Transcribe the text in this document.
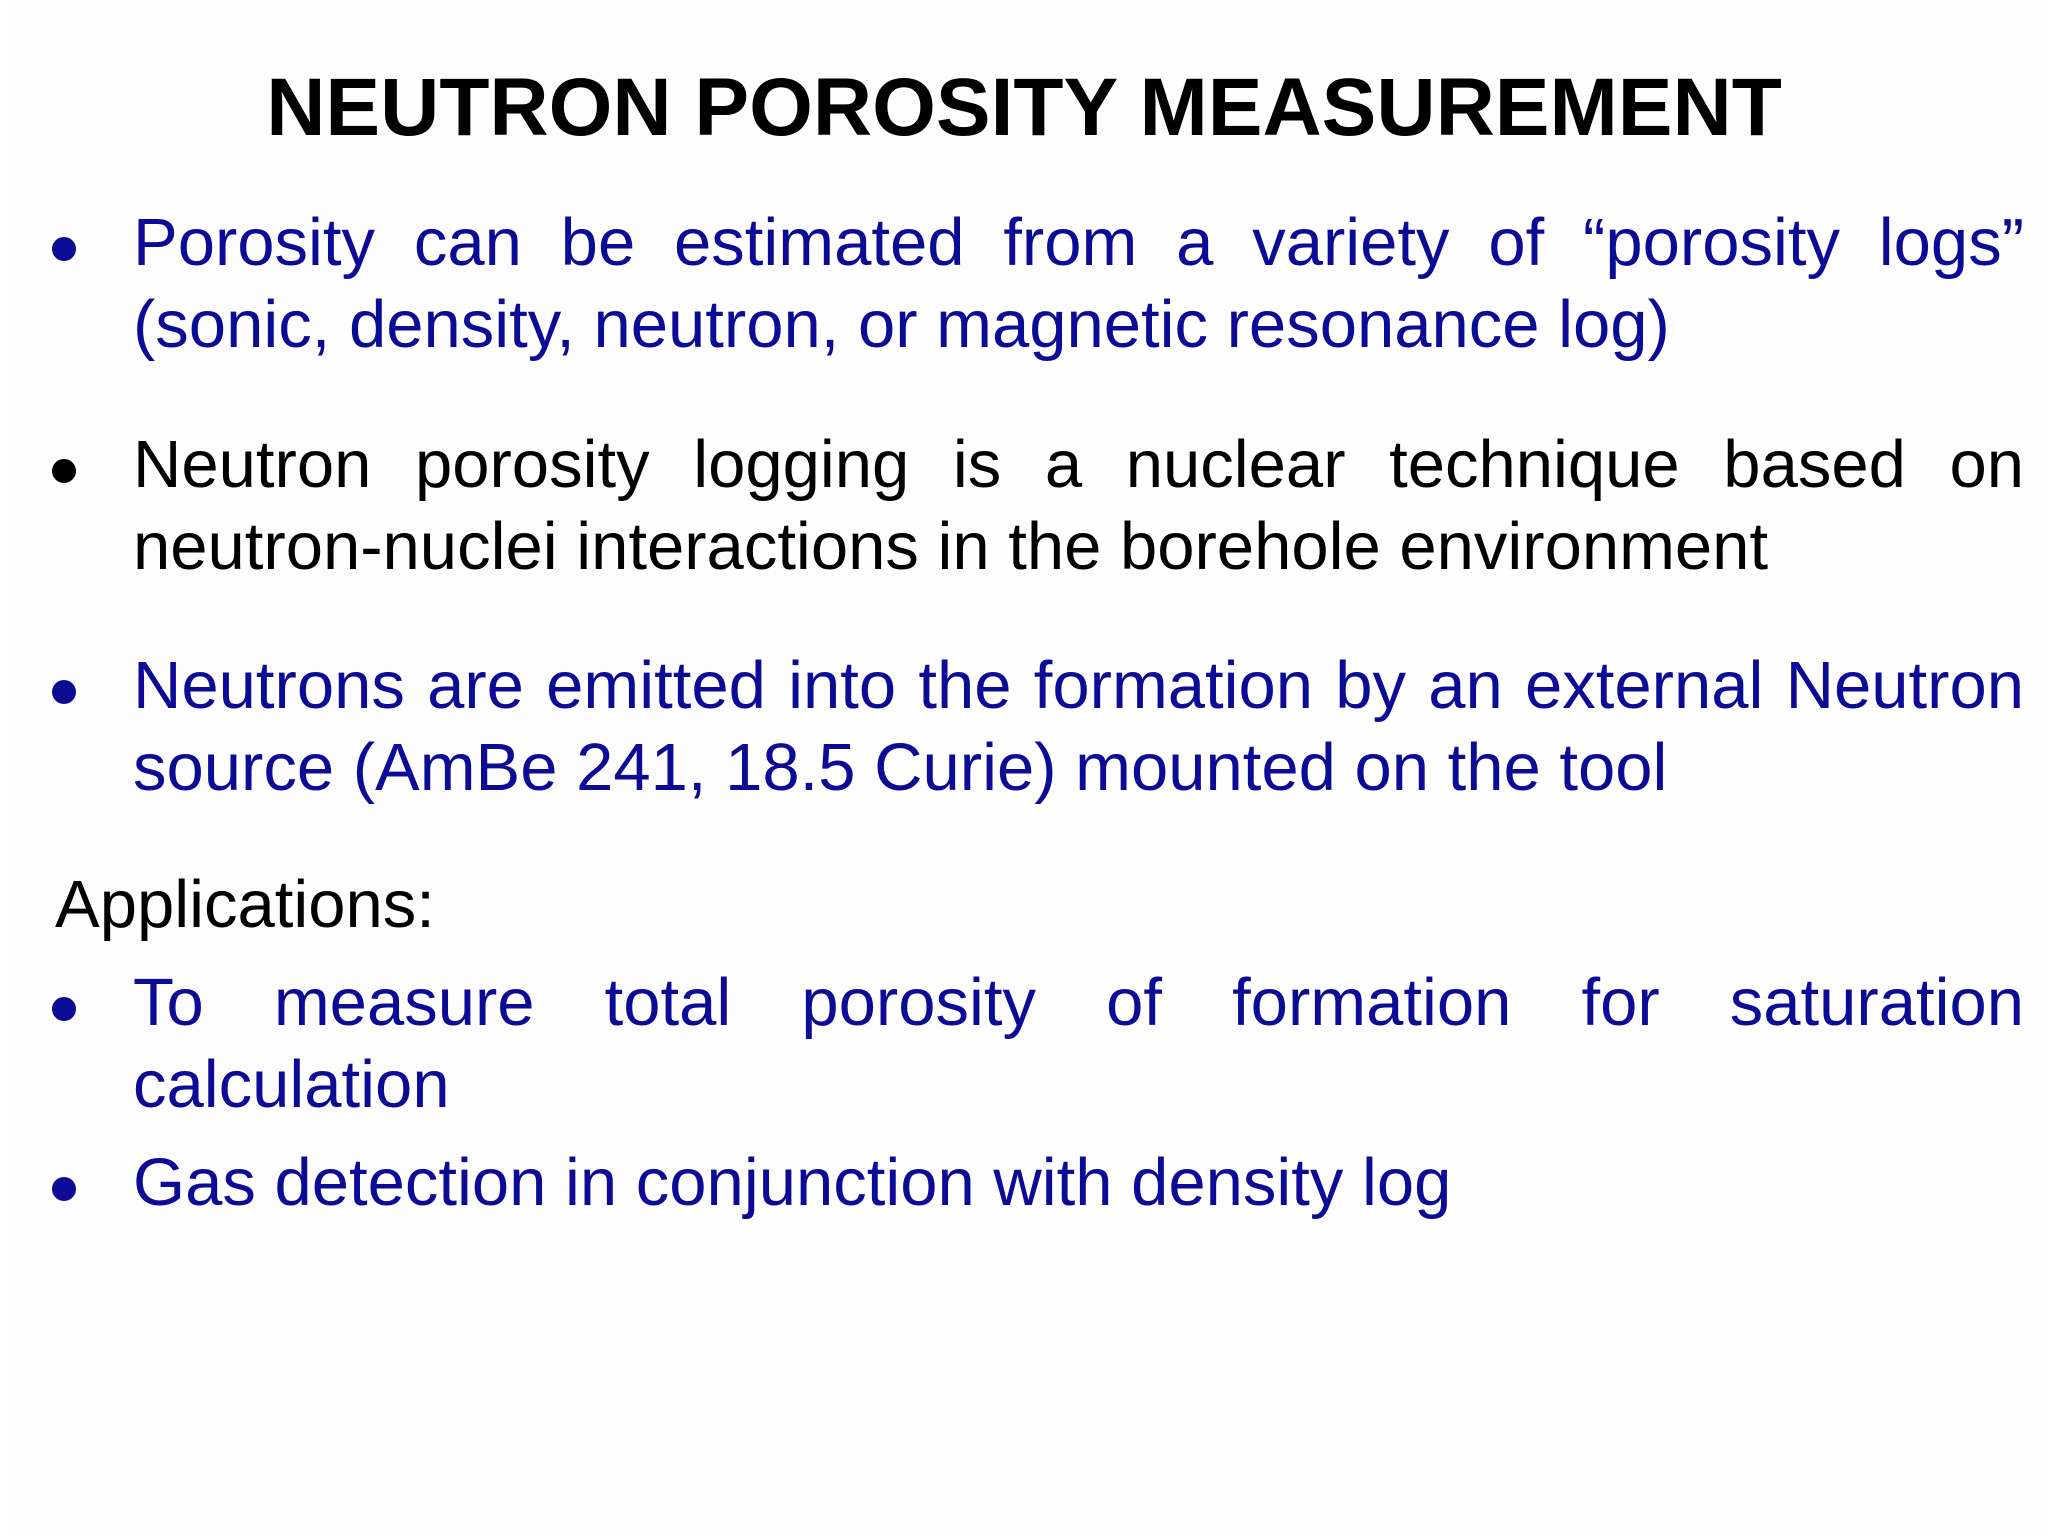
NEUTRON POROSITY MEASUREMENT
Porosity can be estimated from a variety of “porosity logs”
(sonic, density, neutron, or magnetic resonance log)
Neutron porosity logging is a nuclear technique based on
neutron-nuclei interactions in the borehole environment
Neutrons are emitted into the formation by an external Neutron
source (AmBe 241, 18.5 Curie) mounted on the tool
Applications:
To measure total porosity of formation for saturation
calculation
Gas detection in conjunction with density log
